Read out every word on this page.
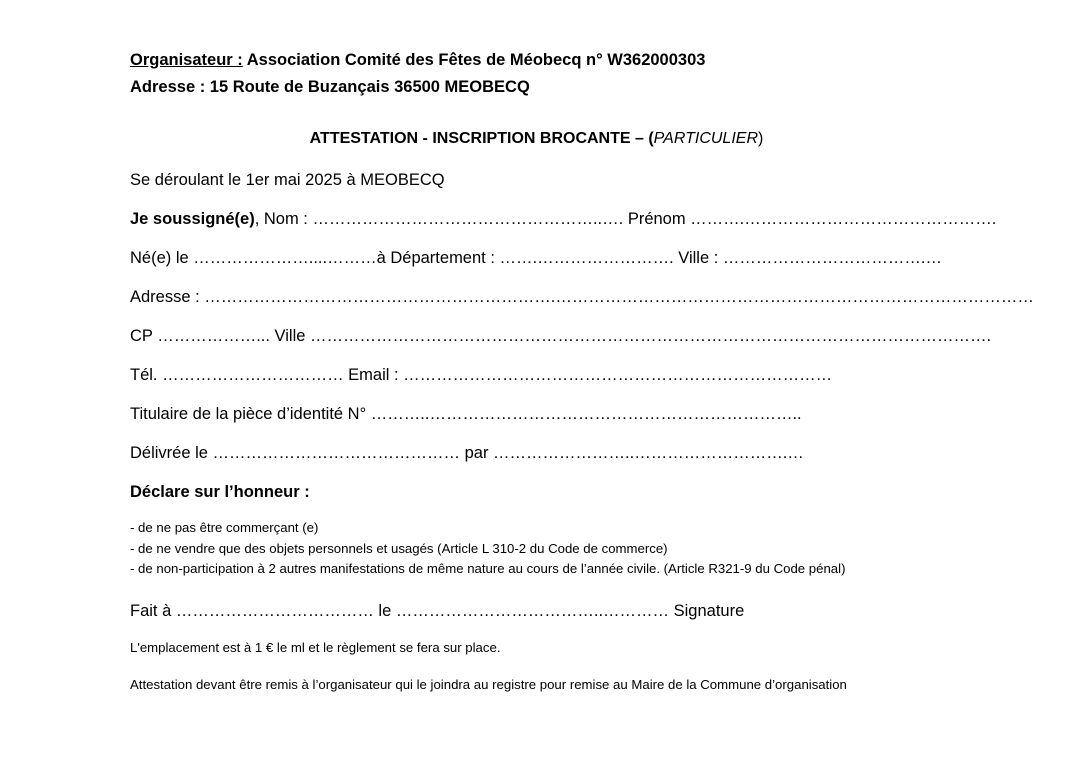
Organisateur : Association Comité des Fêtes de Méobecq n° W362000303
Adresse : 15 Route de Buzançais 36500 MEOBECQ
ATTESTATION - INSCRIPTION BROCANTE – (PARTICULIER)
Se déroulant le 1er mai 2025 à MEOBECQ
Je soussigné(e), Nom : ……………………………………………..…. Prénom ……….……………………………………….
Né(e) le …………………....………à Département : …….……………………. Ville : ……………………………….…
Adresse : ……………………………………………………….……………………………………………………………………………
CP ………………... Ville …………………………………………………………………………………………………………….
Tél. …………………………… Email : ……………………………………………………………………
Titulaire de la pièce d’identité N° ………..…………………………………………………………..
Délivrée le ……………………………………… par ……………………..……………………….…
Déclare sur l’honneur :
- de ne pas être commerçant (e)
- de ne vendre que des objets personnels et usagés (Article L 310-2 du Code de commerce)
- de non-participation à 2 autres manifestations de même nature au cours de l’année civile. (Article R321-9 du Code pénal)
Fait à ……………………………… le ………………………………..………… Signature
L'emplacement est à 1 € le ml et le règlement se fera sur place.
Attestation devant être remis à l’organisateur qui le joindra au registre pour remise au Maire de la Commune d’organisation
